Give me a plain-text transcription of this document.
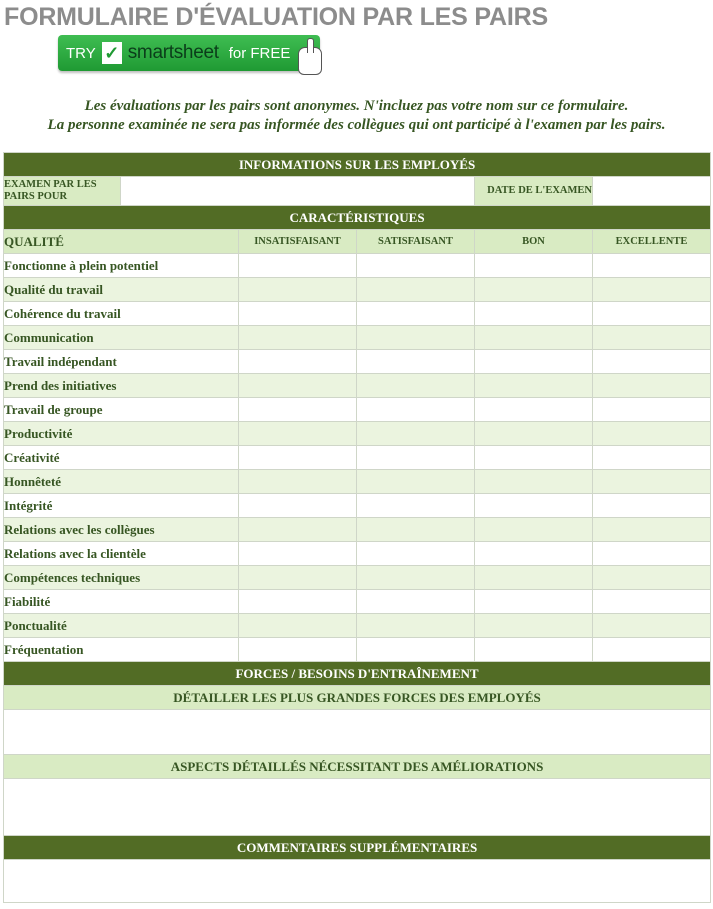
FORMULAIRE D'ÉVALUATION PAR LES PAIRS
TRY ✓ smartsheet for FREE
Les évaluations par les pairs sont anonymes. N'incluez pas votre nom sur ce formulaire.
La personne examinée ne sera pas informée des collègues qui ont participé à l'examen par les pairs.
INFORMATIONS SUR LES EMPLOYÉS					
EXAMEN PAR LES PAIRS POUR				DATE DE L'EXAMEN	
CARACTÉRISTIQUES					
QUALITÉ		INSATISFAISANT	SATISFAISANT	BON	EXCELLENTE
Fonctionne à plein potentiel					
Qualité du travail					
Cohérence du travail					
Communication					
Travail indépendant					
Prend des initiatives					
Travail de groupe					
Productivité					
Créativité					
Honnêteté					
Intégrité					
Relations avec les collègues					
Relations avec la clientèle					
Compétences techniques					
Fiabilité					
Ponctualité					
Fréquentation					
FORCES / BESOINS D'ENTRAÎNEMENT					
DÉTAILLER LES PLUS GRANDES FORCES DES EMPLOYÉS					

ASPECTS DÉTAILLÉS NÉCESSITANT DES AMÉLIORATIONS					

COMMENTAIRES SUPPLÉMENTAIRES					
